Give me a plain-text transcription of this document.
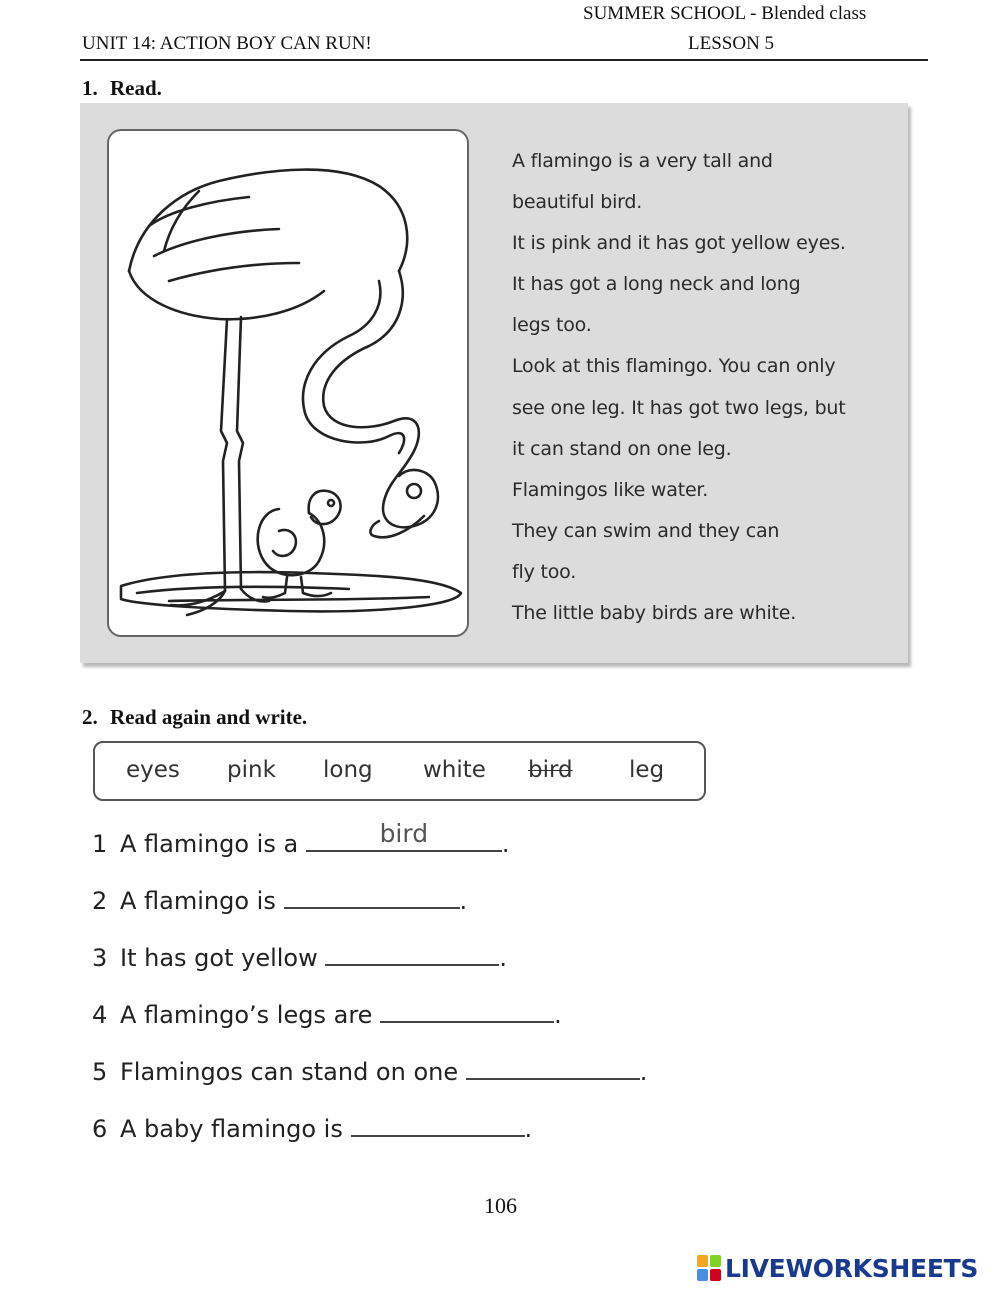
SUMMER SCHOOL - Blended class
UNIT 14: ACTION BOY CAN RUN!	LESSON 5
1. Read.
A flamingo is a very tall and
beautiful bird.
It is pink and it has got yellow eyes.
It has got a long neck and long
legs too.
Look at this flamingo. You can only
see one leg. It has got two legs, but
it can stand on one leg.
Flamingos like water.
They can swim and they can
fly too.
The little baby birds are white.
2. Read again and write.
eyes pink long white bird leg
1 A flamingo is a	bird	.
2 A flamingo is	.
3 It has got yellow	.
4 A flamingo’s legs are	.
5 Flamingos can stand on one	.
6 A baby flamingo is	.
106
LIVEWORKSHEETS
